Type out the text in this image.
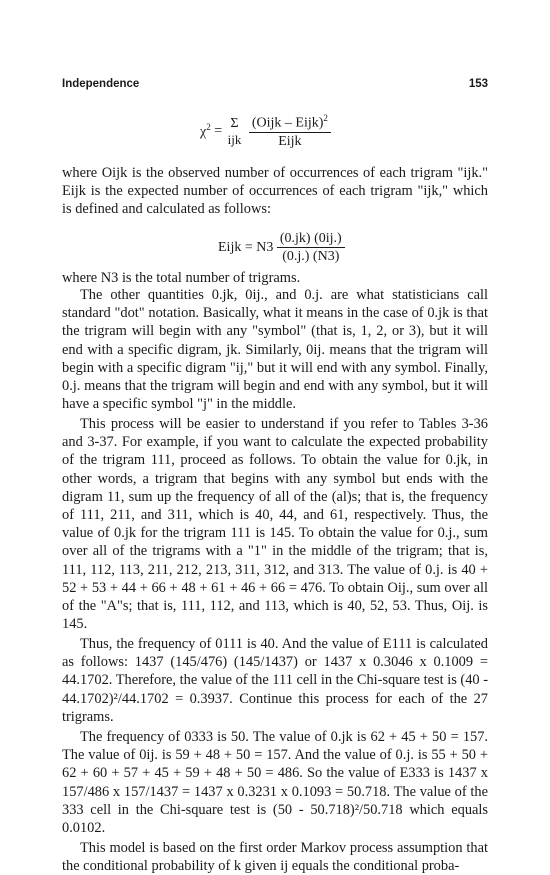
Independence	153
$\chi^2$ =
Σ
ijk
$\frac{(Oijk - Eijk)^2}{\text{Eijk}}$

where Oijk is the observed number of occurrences of each trigram "ijk." Eijk is the expected number of occurrences of each trigram "ijk," which is defined and calculated as follows:

Eijk = $N3 \frac{(0.jk) (0ij.)}{(0.j.) (N3)}$

where N3 is the total number of trigrams.

The other quantities 0.jk, 0ij., and 0.j. are what statisticians call standard "dot" notation. Basically, what it means in the case of 0.jk is that the trigram will begin with any "symbol" (that is, 1, 2, or 3), but it will end with a specific digram, jk. Similarly, 0ij. means that the trigram will begin with a specific digram "ij," but it will end with any symbol. Finally, 0.j. means that the trigram will begin and end with any symbol, but it will have a specific symbol "j" in the middle.

This process will be easier to understand if you refer to Tables 3-36 and 3-37. For example, if you want to calculate the expected probability of the trigram 111, proceed as follows. To obtain the value for 0.jk, in other words, a trigram that begins with any symbol but ends with the digram 11, sum up the frequency of all of the (al)s; that is, the frequency of 111, 211, and 311, which is 40, 44, and 61, respectively. Thus, the value of 0.jk for the trigram 111 is 145. To obtain the value for 0.j., sum over all of the trigrams with a "1" in the middle of the trigram; that is, 111, 112, 113, 211, 212, 213, 311, 312, and 313. The value of 0.j. is 40 + 52 + 53 + 44 + 66 + 48 + 61 + 46 + 66 = 476. To obtain Oij., sum over all of the "A"s; that is, 111, 112, and 113, which is 40, 52, 53. Thus, Oij. is 145.

Thus, the frequency of 0111 is 40. And the value of E111 is calculated as follows: 1437 (145/476) (145/1437) or 1437 x 0.3046 x 0.1009 = 44.1702. Therefore, the value of the 111 cell in the Chi-square test is (40 - 44.1702)²/44.1702 = 0.3937. Continue this process for each of the 27 trigrams.

The frequency of 0333 is 50. The value of 0.jk is 62 + 45 + 50 = 157. The value of 0ij. is 59 + 48 + 50 = 157. And the value of 0.j. is 55 + 50 + 62 + 60 + 57 + 45 + 59 + 48 + 50 = 486. So the value of E333 is 1437 x 157/486 x 157/1437 = 1437 x 0.3231 x 0.1093 = 50.718. The value of the 333 cell in the Chi-square test is (50 - 50.718)²/50.718 which equals 0.0102.

This model is based on the first order Markov process assumption that the conditional probability of k given ij equals the conditional proba-
